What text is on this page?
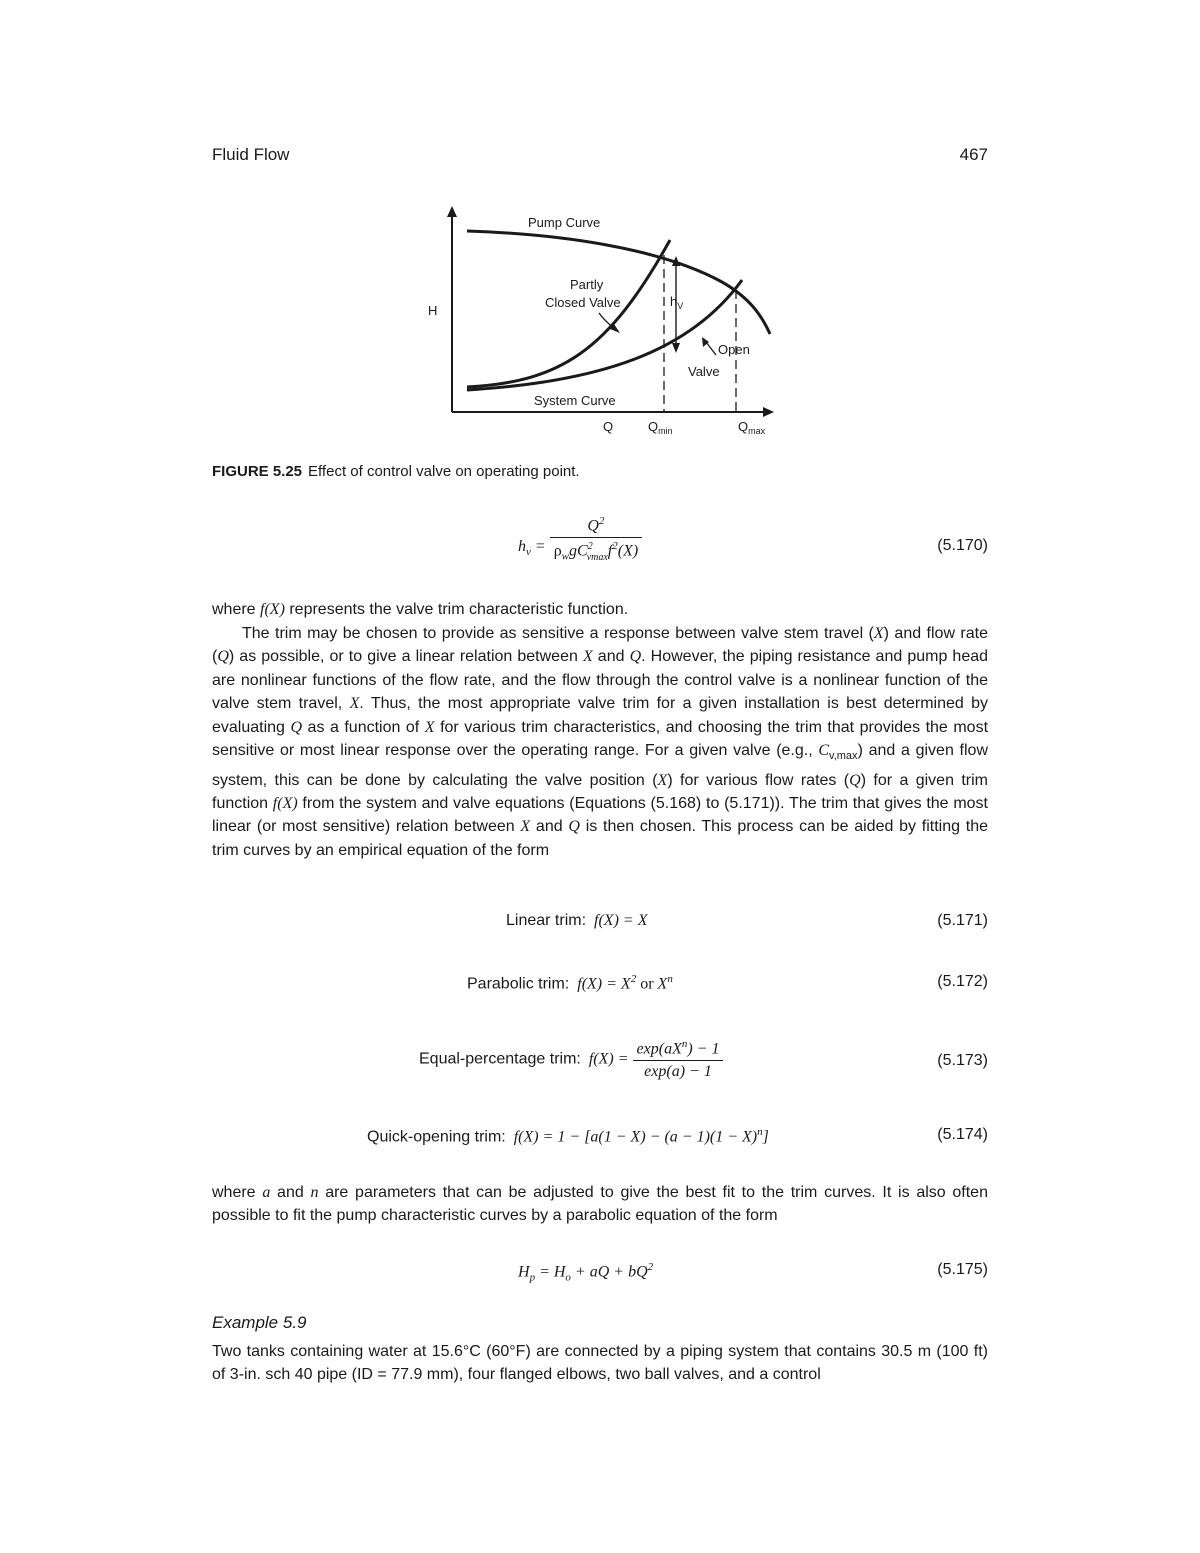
Fluid Flow	467
Pump Curve
Partly
Closed Valve	$h_V$
Open
Valve
System Curve
H
Q	$Q_{min}$	$Q_{max}$
FIGURE 5.25 Effect of control valve on operating point.
$h_v = \frac{Q^2}{\rho_wgC^2_{vmax}f^2(X)}$	(5.170)

where f(X) represents the valve trim characteristic function.

The trim may be chosen to provide as sensitive a response between valve stem travel (X) and flow rate (Q) as possible, or to give a linear relation between X and Q. However, the piping resistance and pump head are nonlinear functions of the flow rate, and the flow through the control valve is a nonlinear function of the valve stem travel, X. Thus, the most appropriate valve trim for a given installation is best determined by evaluating Q as a function of X for various trim characteristics, and choosing the trim that provides the most sensitive or most linear response over the operating range. For a given valve (e.g., $C_{v,max}$) and a given flow system, this can be done by calculating the valve position (X) for various flow rates (Q) for a given trim function f(X) from the system and valve equations (Equations (5.168) to (5.171)). The trim that gives the most linear (or most sensitive) relation between X and Q is then chosen. This process can be aided by fitting the trim curves by an empirical equation of the form

Linear trim: f(X) = X	(5.171)
Parabolic trim: $f(X) = X^2$ or $X^n$	(5.172)
Equal-percentage trim: $f(X) = \frac{\exp(aX^n) - 1}{\exp(a) - 1}$	(5.173)
Quick-opening trim: $f(X) = 1 - [a(1 - X) - (a - 1)(1 - X)^n]$	(5.174)

where a and n are parameters that can be adjusted to give the best fit to the trim curves. It is also often possible to fit the pump characteristic curves by a parabolic equation of the form

$H_p = H_o$ + aQ + $bQ^2$	(5.175)
Example 5.9

Two tanks containing water at 15.6°C (60°F) are connected by a piping system that contains 30.5 m (100 ft) of 3-in. sch 40 pipe (ID = 77.9 mm), four flanged elbows, two ball valves, and a control
